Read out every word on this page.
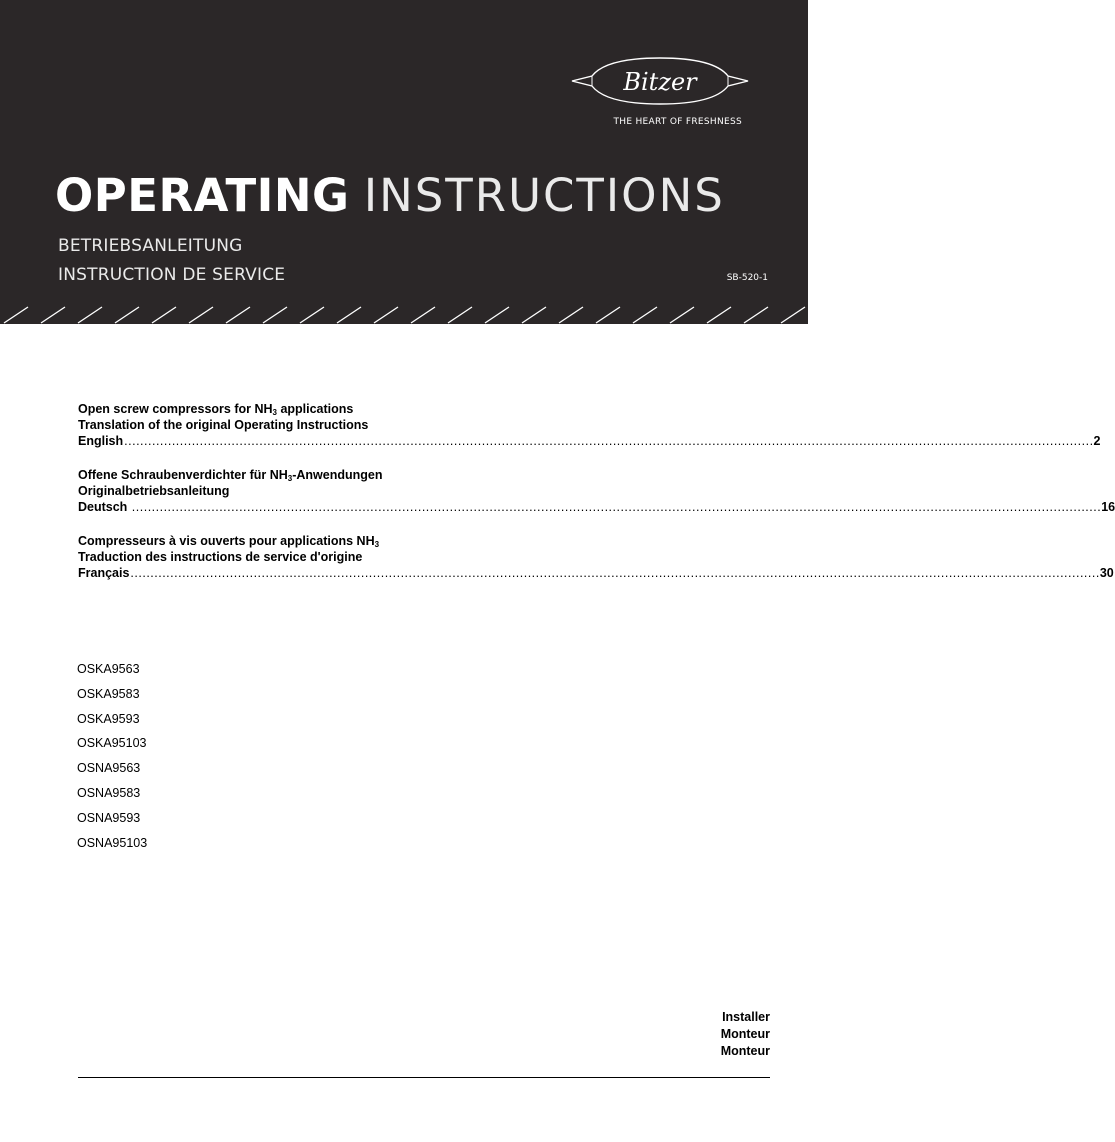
Bitzer
THE HEART OF FRESHNESS
OPERATING INSTRUCTIONS
BETRIEBSANLEITUNG
INSTRUCTION DE SERVICE	SB-520-1
Open screw compressors for $NH_3$ applications
Translation of the original Operating Instructions
English .................................................................................................................................................................................................................................................... 2
Offene Schraubenverdichter für $NH_3$-Anwendungen
Originalbetriebsanleitung
Deutsch .................................................................................................................................................................................................................................................... 16
Compresseurs à vis ouverts pour applications $NH_3$
Traduction des instructions de service d'origine
Français .................................................................................................................................................................................................................................................... 30
OSKA9563
OSKA9583
OSKA9593
OSKA95103
OSNA9563
OSNA9583
OSNA9593
OSNA95103
Installer
Monteur
Monteur
